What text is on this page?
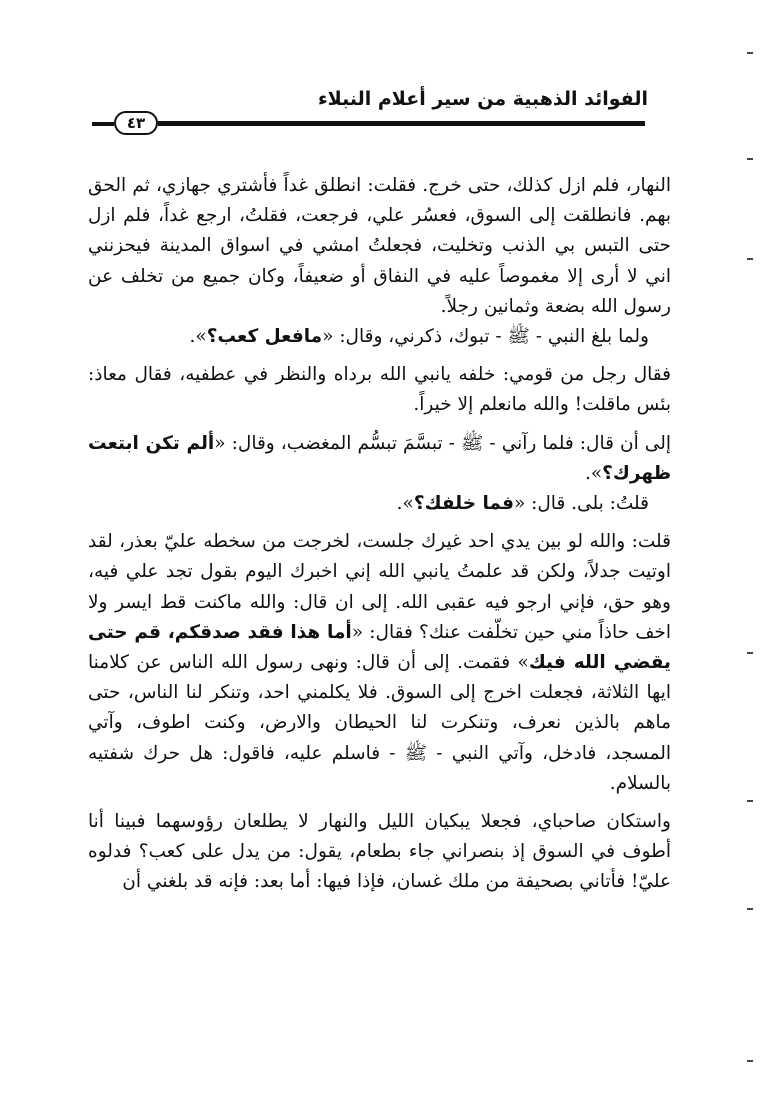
الفوائد الذهبية من سير أعلام النبلاء
٤٣

النهار، فلم ازل كذلك، حتى خرج. فقلت: انطلق غداً فأشتري جهازي، ثم الحق بهم. فانطلقت إلى السوق، فعسُر علي، فرجعت، فقلتُ، ارجع غداً، فلم ازل حتى التبس بي الذنب وتخليت، فجعلتُ امشي في اسواق المدينة فيحزنني اني لا أرى إلا مغموصاً عليه في النفاق أو ضعيفاً، وكان جميع من تخلف عن رسول الله بضعة وثمانين رجلاً.

ولما بلغ النبي - ﷺ - تبوك، ذكرني، وقال: «مافعل كعب؟».

فقال رجل من قومي: خلفه يانبي الله برداه والنظر في عطفيه، فقال معاذ: بئس ماقلت! والله مانعلم إلا خيراً.

إلى أن قال: فلما رآني - ﷺ - تبسَّمَ تبسُّم المغضب، وقال: «ألم تكن ابتعت ظهرك؟».

قلتُ: بلى. قال: «فما خلفك؟».

قلت: والله لو بين يدي احد غيرك جلست، لخرجت من سخطه عليّ بعذر، لقد اوتيت جدلاً، ولكن قد علمتُ يانبي الله إني اخبرك اليوم بقول تجد علي فيه، وهو حق، فإني ارجو فيه عقبى الله. إلى ان قال: والله ماكنت قط ايسر ولا اخف حاذاً مني حين تخلّفت عنك؟ فقال: «أما هذا فقد صدقكم، قم حتى يقضي الله فيك» فقمت. إلى أن قال: ونهى رسول الله الناس عن كلامنا ايها الثلاثة، فجعلت اخرج إلى السوق. فلا يكلمني احد، وتنكر لنا الناس، حتى ماهم بالذين نعرف، وتنكرت لنا الحيطان والارض، وكنت اطوف، وآتي المسجد، فادخل، وآتي النبي - ﷺ - فاسلم عليه، فاقول: هل حرك شفتيه بالسلام.

واستكان صاحباي، فجعلا يبكيان الليل والنهار لا يطلعان رؤوسهما فبينا أنا أطوف في السوق إذ بنصراني جاء بطعام، يقول: من يدل على كعب؟ فدلوه عليّ! فأتاني بصحيفة من ملك غسان، فإذا فيها: أما بعد: فإنه قد بلغني أن
